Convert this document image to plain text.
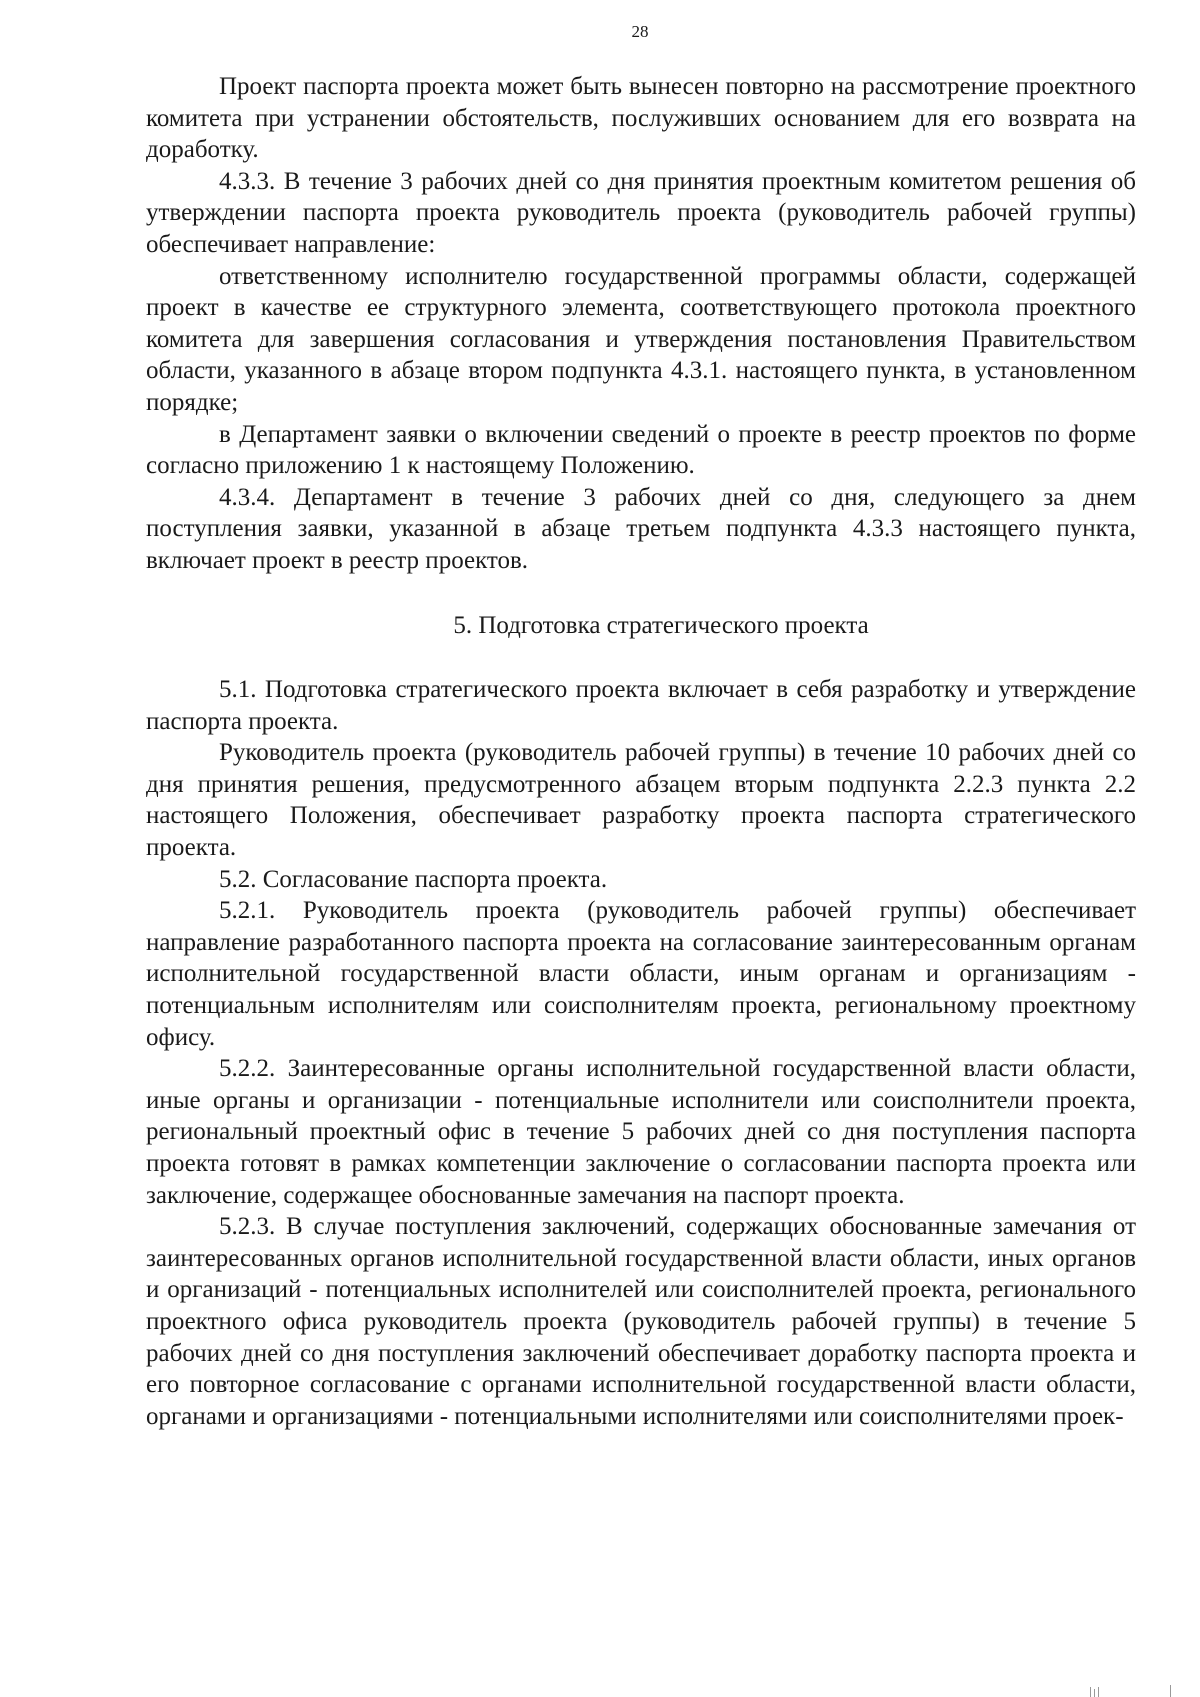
28

Проект паспорта проекта может быть вынесен повторно на рассмотрение проектного комитета при устранении обстоятельств, послуживших основанием для его возврата на доработку.

4.3.3. В течение 3 рабочих дней со дня принятия проектным комитетом решения об утверждении паспорта проекта руководитель проекта (руководитель рабочей группы) обеспечивает направление:

ответственному исполнителю государственной программы области, содержащей проект в качестве ее структурного элемента, соответствующего протокола проектного комитета для завершения согласования и утверждения постановления Правительством области, указанного в абзаце втором подпункта 4.3.1. настоящего пункта, в установленном порядке;

в Департамент заявки о включении сведений о проекте в реестр проектов по форме согласно приложению 1 к настоящему Положению.

4.3.4. Департамент в течение 3 рабочих дней со дня, следующего за днем поступления заявки, указанной в абзаце третьем подпункта 4.3.3 настоящего пункта, включает проект в реестр проектов.

5. Подготовка стратегического проекта

5.1. Подготовка стратегического проекта включает в себя разработку и утверждение паспорта проекта.

Руководитель проекта (руководитель рабочей группы) в течение 10 рабочих дней со дня принятия решения, предусмотренного абзацем вторым подпункта 2.2.3 пункта 2.2 настоящего Положения, обеспечивает разработку проекта паспорта стратегического проекта.

5.2. Согласование паспорта проекта.

5.2.1. Руководитель проекта (руководитель рабочей группы) обеспечивает направление разработанного паспорта проекта на согласование заинтересованным органам исполнительной государственной власти области, иным органам и организациям - потенциальным исполнителям или соисполнителям проекта, региональному проектному офису.

5.2.2. Заинтересованные органы исполнительной государственной власти области, иные органы и организации - потенциальные исполнители или соисполнители проекта, региональный проектный офис в течение 5 рабочих дней со дня поступления паспорта проекта готовят в рамках компетенции заключение о согласовании паспорта проекта или заключение, содержащее обоснованные замечания на паспорт проекта.

5.2.3. В случае поступления заключений, содержащих обоснованные замечания от заинтересованных органов исполнительной государственной власти области, иных органов и организаций - потенциальных исполнителей или соисполнителей проекта, регионального проектного офиса руководитель проекта (руководитель рабочей группы) в течение 5 рабочих дней со дня поступления заключений обеспечивает доработку паспорта проекта и его повторное согласование с органами исполнительной государственной власти области, органами и организациями - потенциальными исполнителями или соисполнителями проек-
